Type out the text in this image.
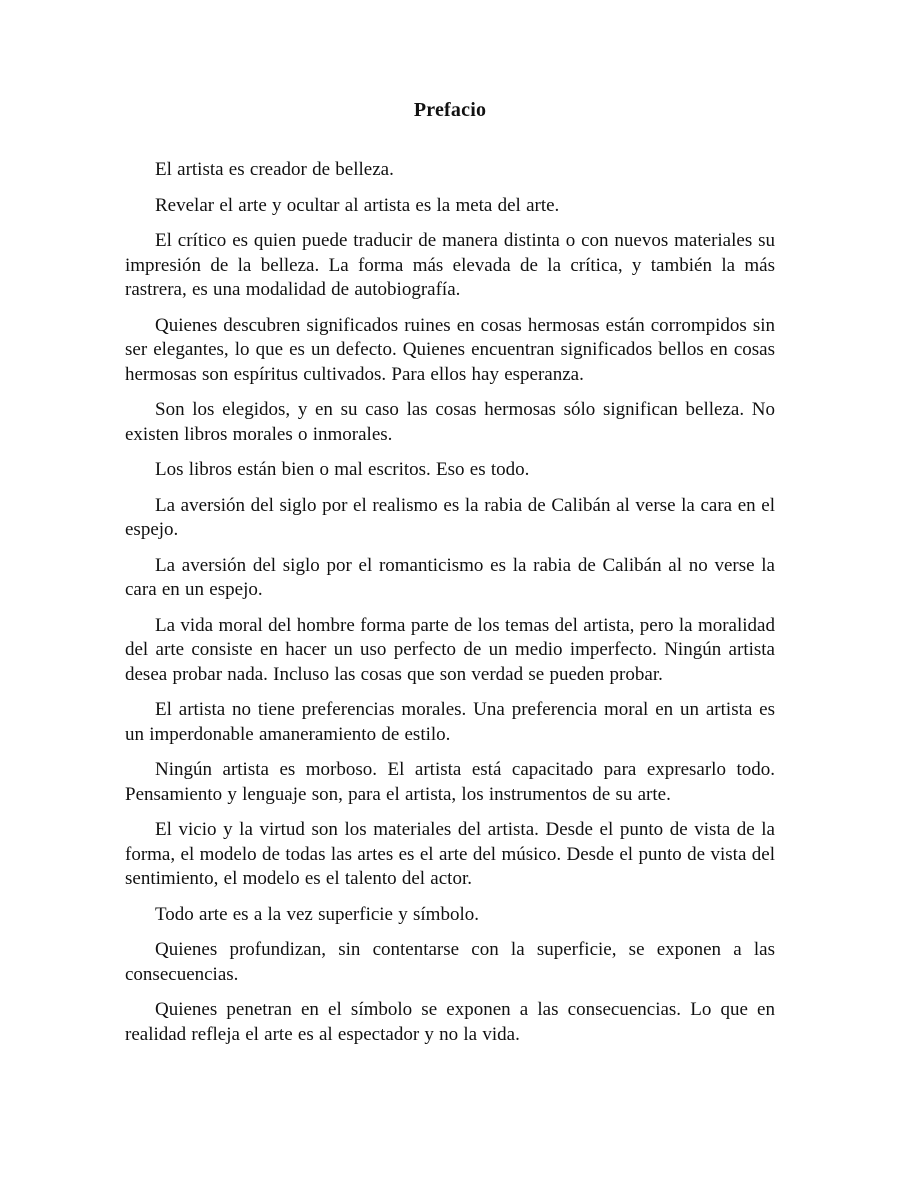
Prefacio

El artista es creador de belleza.

Revelar el arte y ocultar al artista es la meta del arte.

El crítico es quien puede traducir de manera distinta o con nuevos materiales su impresión de la belleza. La forma más elevada de la crítica, y también la más rastrera, es una modalidad de autobiografía.

Quienes descubren significados ruines en cosas hermosas están corrompidos sin ser elegantes, lo que es un defecto. Quienes encuentran significados bellos en cosas hermosas son espíritus cultivados. Para ellos hay esperanza.

Son los elegidos, y en su caso las cosas hermosas sólo significan belleza. No existen libros morales o inmorales.

Los libros están bien o mal escritos. Eso es todo.

La aversión del siglo por el realismo es la rabia de Calibán al verse la cara en el espejo.

La aversión del siglo por el romanticismo es la rabia de Calibán al no verse la cara en un espejo.

La vida moral del hombre forma parte de los temas del artista, pero la moralidad del arte consiste en hacer un uso perfecto de un medio imperfecto. Ningún artista desea probar nada. Incluso las cosas que son verdad se pueden probar.

El artista no tiene preferencias morales. Una preferencia moral en un artista es un imperdonable amaneramiento de estilo.

Ningún artista es morboso. El artista está capacitado para expresarlo todo. Pensamiento y lenguaje son, para el artista, los instrumentos de su arte.

El vicio y la virtud son los materiales del artista. Desde el punto de vista de la forma, el modelo de todas las artes es el arte del músico. Desde el punto de vista del sentimiento, el modelo es el talento del actor.

Todo arte es a la vez superficie y símbolo.

Quienes profundizan, sin contentarse con la superficie, se exponen a las consecuencias.

Quienes penetran en el símbolo se exponen a las consecuencias. Lo que en realidad refleja el arte es al espectador y no la vida.
